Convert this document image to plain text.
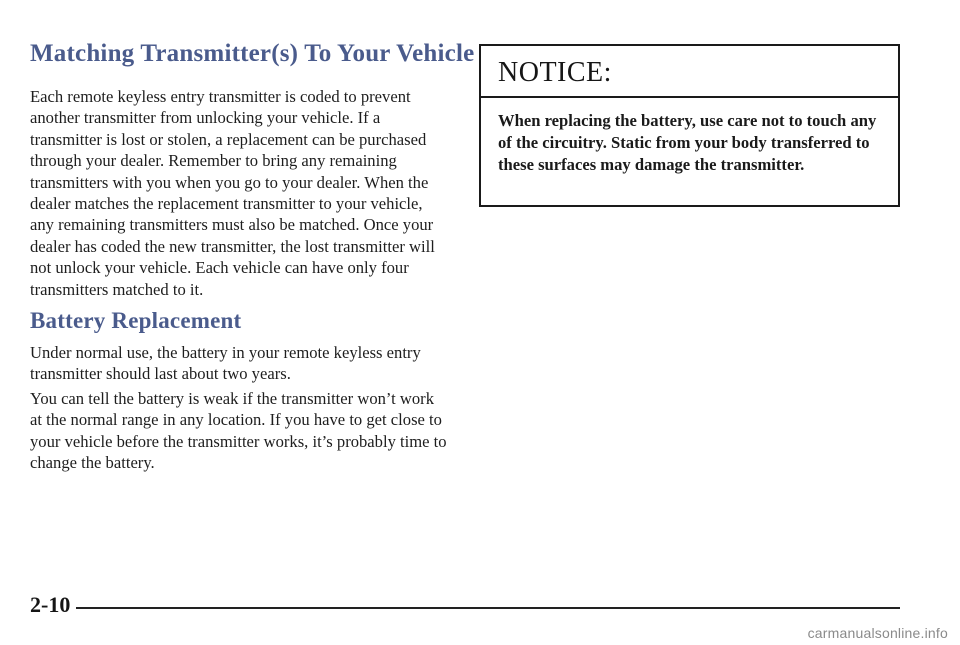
Matching Transmitter(s) To Your Vehicle

Each remote keyless entry transmitter is coded to prevent another transmitter from unlocking your vehicle. If a transmitter is lost or stolen, a replacement can be purchased through your dealer. Remember to bring any remaining transmitters with you when you go to your dealer. When the dealer matches the replacement transmitter to your vehicle, any remaining transmitters must also be matched. Once your dealer has coded the new transmitter, the lost transmitter will not unlock your vehicle. Each vehicle can have only four transmitters matched to it.

Battery Replacement

Under normal use, the battery in your remote keyless entry transmitter should last about two years.

You can tell the battery is weak if the transmitter won’t work at the normal range in any location. If you have to get close to your vehicle before the transmitter works, it’s probably time to change the battery.

NOTICE:

When replacing the battery, use care not to touch any of the circuitry. Static from your body transferred to these surfaces may damage the transmitter.

2-10

carmanualsonline.info
